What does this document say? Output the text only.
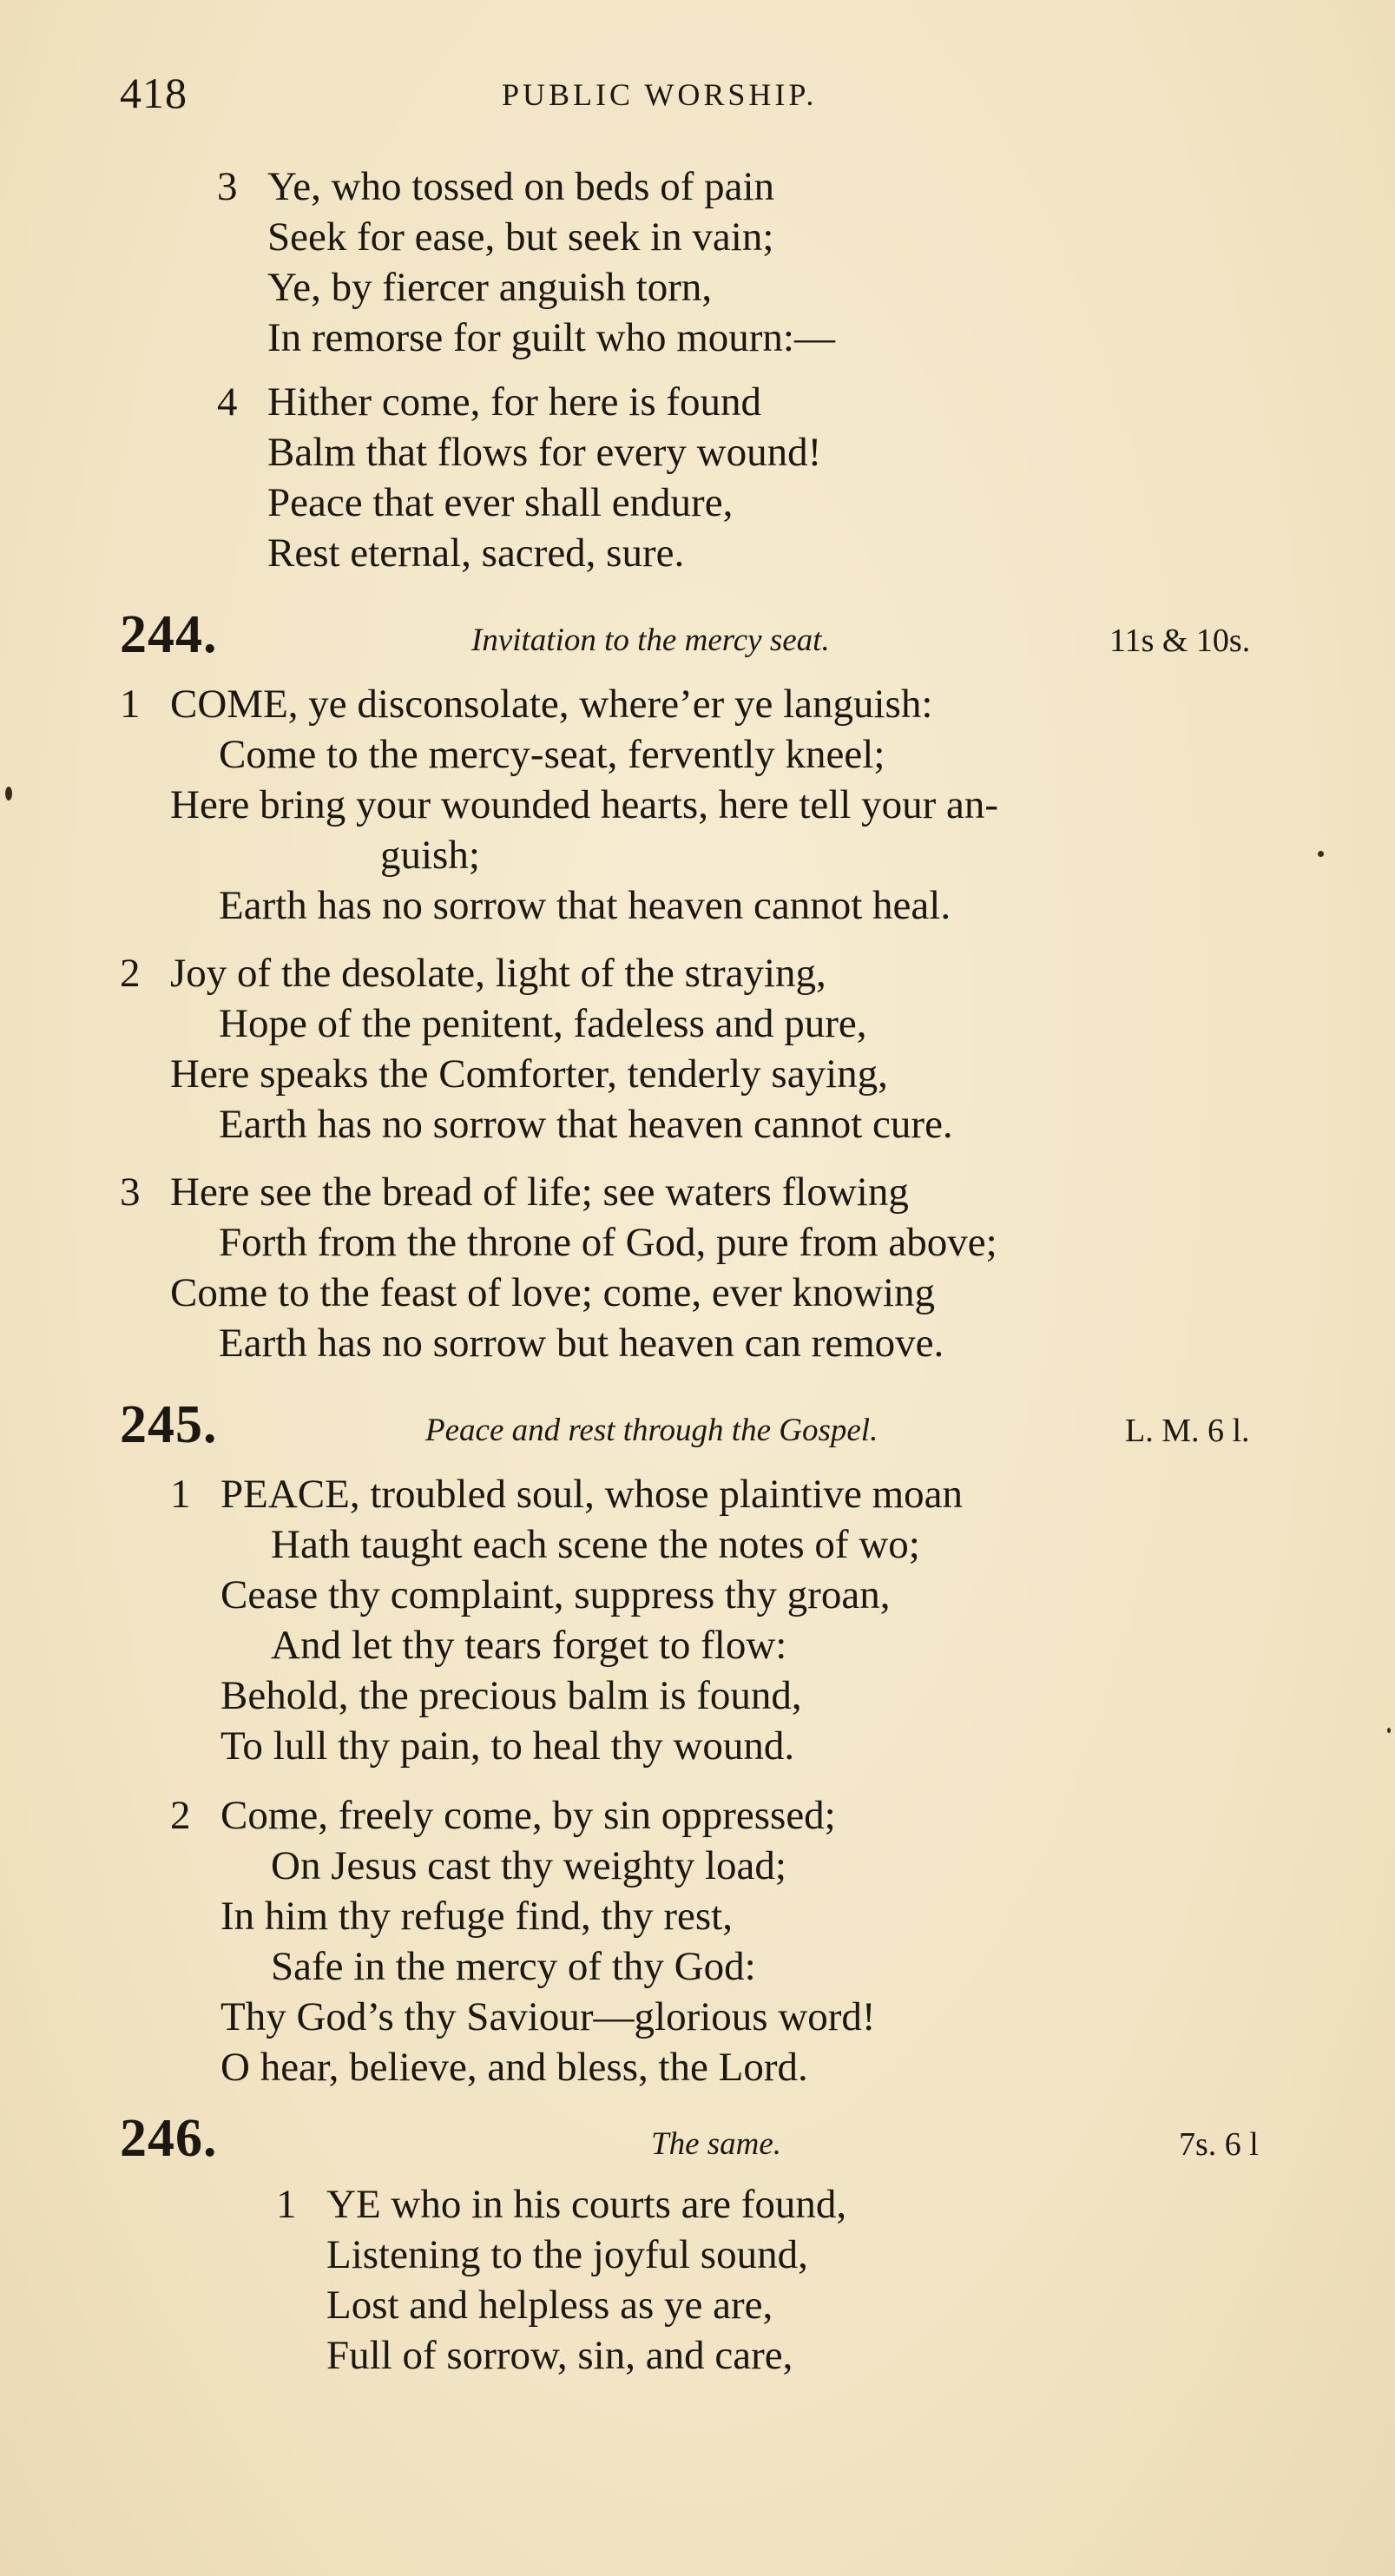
418	PUBLIC WORSHIP.
3 Ye, who tossed on beds of pain
Seek for ease, but seek in vain;
Ye, by fiercer anguish torn,
In remorse for guilt who mourn:—
4 Hither come, for here is found
Balm that flows for every wound!
Peace that ever shall endure,
Rest eternal, sacred, sure.
244.	Invitation to the mercy seat.	11s & 10s.
1 COME, ye disconsolate, where’er ye languish:
Come to the mercy-seat, fervently kneel;
Here bring your wounded hearts, here tell your an-
guish;
Earth has no sorrow that heaven cannot heal.
2 Joy of the desolate, light of the straying,
Hope of the penitent, fadeless and pure,
Here speaks the Comforter, tenderly saying,
Earth has no sorrow that heaven cannot cure.
3 Here see the bread of life; see waters flowing
Forth from the throne of God, pure from above;
Come to the feast of love; come, ever knowing
Earth has no sorrow but heaven can remove.
245.	Peace and rest through the Gospel.	L. M. 6 l.
1 PEACE, troubled soul, whose plaintive moan
Hath taught each scene the notes of wo;
Cease thy complaint, suppress thy groan,
And let thy tears forget to flow:
Behold, the precious balm is found,
To lull thy pain, to heal thy wound.
2 Come, freely come, by sin oppressed;
On Jesus cast thy weighty load;
In him thy refuge find, thy rest,
Safe in the mercy of thy God:
Thy God’s thy Saviour—glorious word!
O hear, believe, and bless, the Lord.
246.	The same.	7s. 6 l
1 YE who in his courts are found,
Listening to the joyful sound,
Lost and helpless as ye are,
Full of sorrow, sin, and care,
